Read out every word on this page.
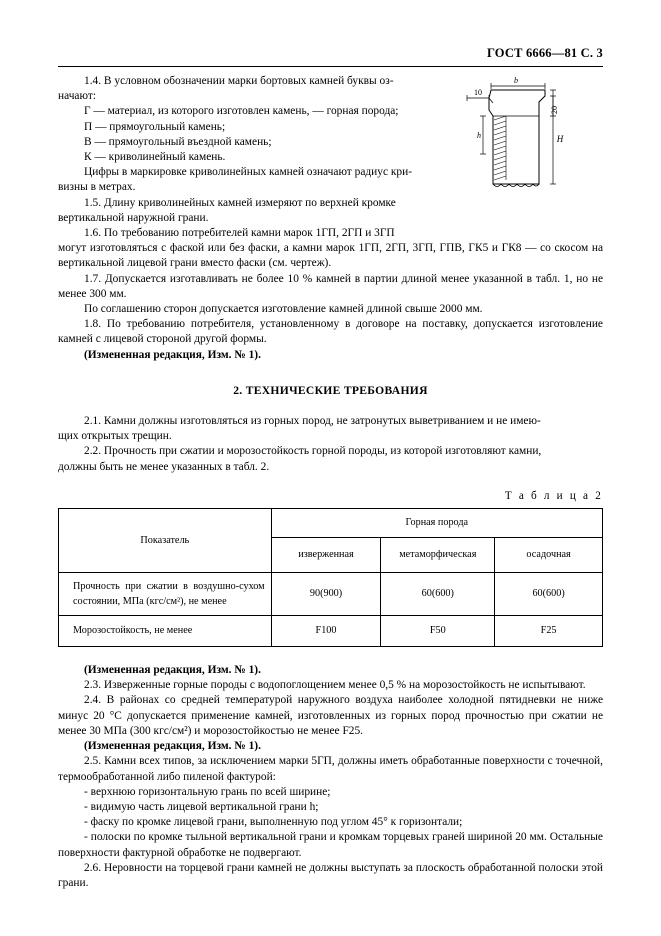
ГОСТ 6666—81 С. 3
b
10
20
h	H

1.4. В условном обозначении марки бортовых камней буквы оз-

начают:

Г — материал, из которого изготовлен камень, — горная порода;

П — прямоугольный камень;

В — прямоугольный въездной камень;

К — криволинейный камень.

Цифры в маркировке криволинейных камней означают радиус кри-

визны в метрах.

1.5. Длину криволинейных камней измеряют по верхней кромке

вертикальной наружной грани.

1.6. По требованию потребителей камни марок 1ГП, 2ГП и 3ГП

могут изготовляться с фаской или без фаски, а камни марок 1ГП, 2ГП, 3ГП, ГПВ, ГК5 и ГК8 — со скосом на вертикальной лицевой грани вместо фаски (см. чертеж).

1.7. Допускается изготавливать не более 10 % камней в партии длиной менее указанной в табл. 1, но не менее 300 мм.

По соглашению сторон допускается изготовление камней длиной свыше 2000 мм.

1.8. По требованию потребителя, установленному в договоре на поставку, допускается изготовление камней с лицевой стороной другой формы.

(Измененная редакция, Изм. № 1).

2. ТЕХНИЧЕСКИЕ ТРЕБОВАНИЯ

2.1. Камни должны изготовляться из горных пород, не затронутых выветриванием и не имею-

щих открытых трещин.

2.2. Прочность при сжатии и морозостойкость горной породы, из которой изготовляют камни,

должны быть не менее указанных в табл. 2.

Т а б л и ц а 2

Показатель	Горная порода		
	изверженная	метаморфическая	осадочная
Прочность при сжатии в воздушно-сухом состоянии, МПа (кгс/см²), не менее	90(900)	60(600)	60(600)
Морозостойкость, не менее	F100	F50	F25

(Измененная редакция, Изм. № 1).

2.3. Изверженные горные породы с водопоглощением менее 0,5 % на морозостойкость не испытывают.

2.4. В районах со средней температурой наружного воздуха наиболее холодной пятидневки не ниже минус 20 °С допускается применение камней, изготовленных из горных пород прочностью при сжатии не менее 30 МПа (300 кгс/см²) и морозостойкостью не менее F25.

(Измененная редакция, Изм. № 1).

2.5. Камни всех типов, за исключением марки 5ГП, должны иметь обработанные поверхности с точечной, термообработанной либо пиленой фактурой:

- верхнюю горизонтальную грань по всей ширине;

- видимую часть лицевой вертикальной грани h;

- фаску по кромке лицевой грани, выполненную под углом 45° к горизонтали;

- полоски по кромке тыльной вертикальной грани и кромкам торцевых граней шириной 20 мм. Остальные поверхности фактурной обработке не подвергают.

2.6. Неровности на торцевой грани камней не должны выступать за плоскость обработанной полоски этой грани.
